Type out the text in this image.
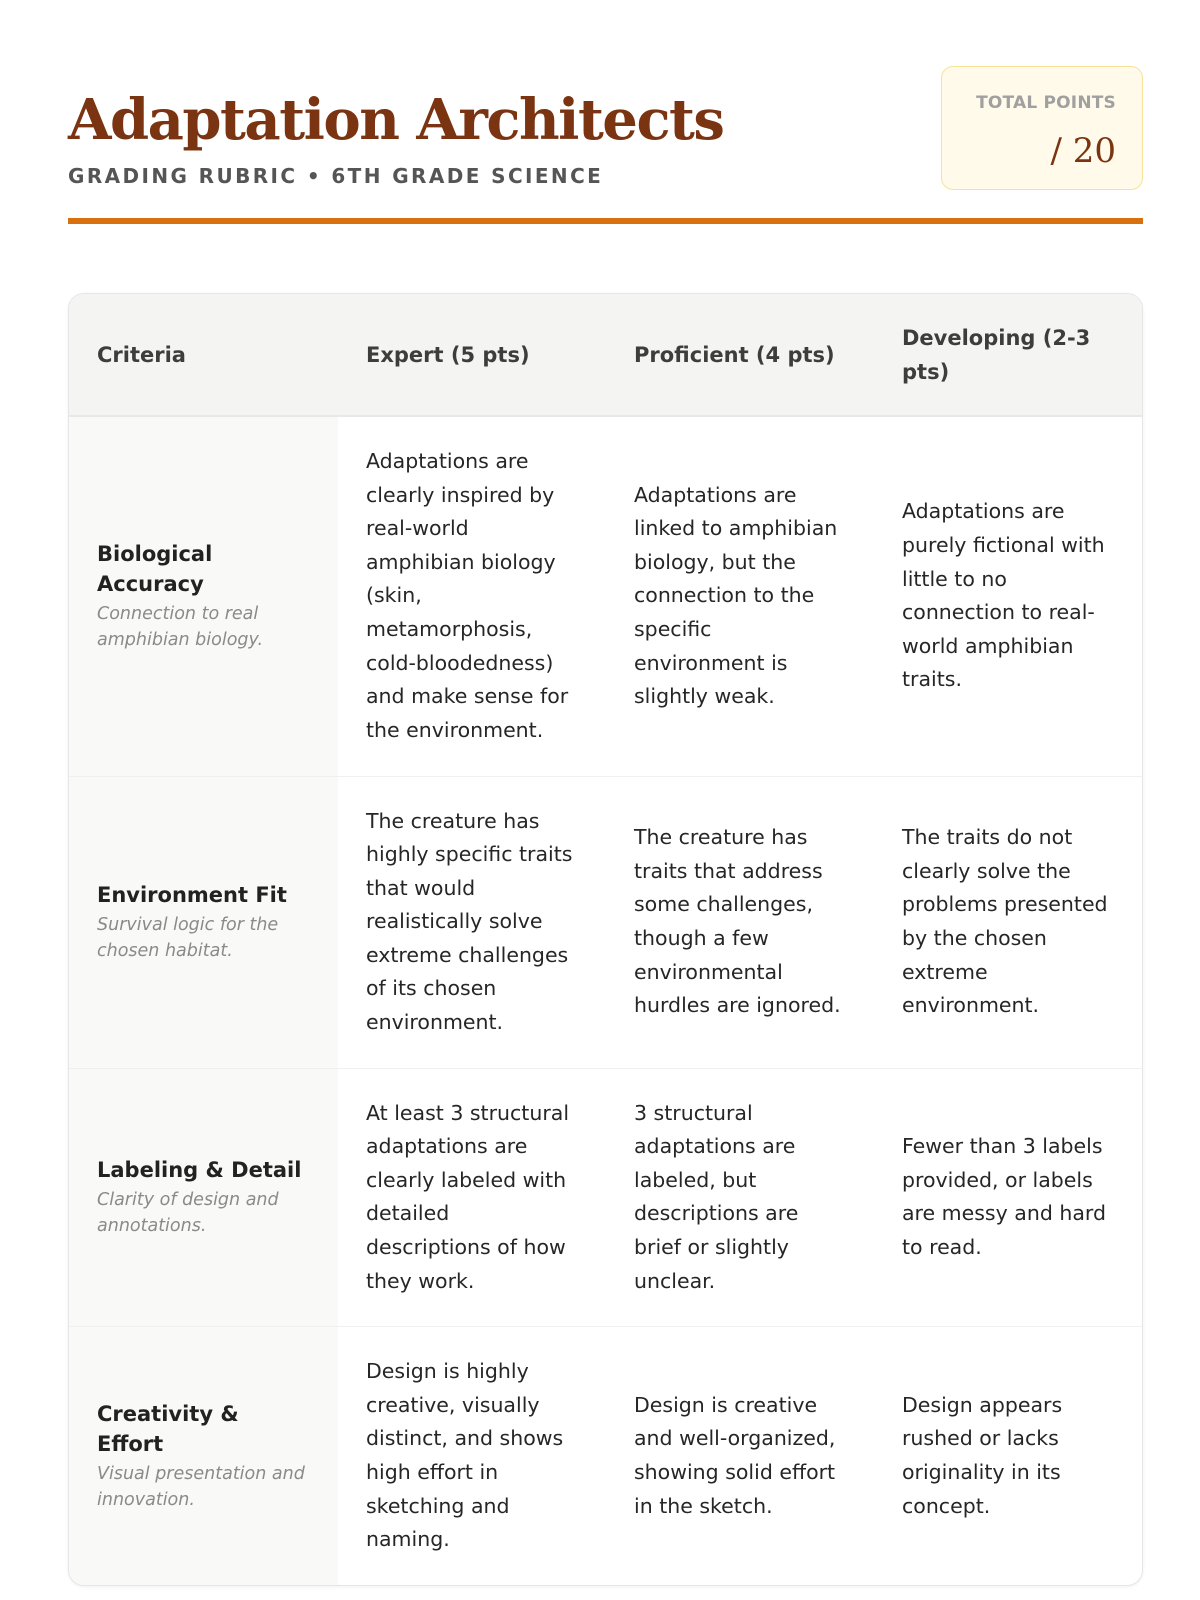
Adaptation Architects
GRADING RUBRIC • 6TH GRADE SCIENCE
TOTAL POINTS
/ 20
Criteria	Expert (5 pts)	Proficient (4 pts)	Developing (2-3 pts)

Biological Accuracy
Connection to real amphibian biology.	Adaptations are clearly inspired by real-world amphibian biology (skin, metamorphosis, cold-bloodedness) and make sense for the environment.	Adaptations are linked to amphibian biology, but the connection to the specific environment is slightly weak.	Adaptations are purely fictional with little to no connection to real-world amphibian traits.

Environment Fit
Survival logic for the chosen habitat.	The creature has highly specific traits that would realistically solve extreme challenges of its chosen environment.	The creature has traits that address some challenges, though a few environmental hurdles are ignored.	The traits do not clearly solve the problems presented by the chosen extreme environment.

Labeling & Detail
Clarity of design and annotations.	At least 3 structural adaptations are clearly labeled with detailed descriptions of how they work.	3 structural adaptations are labeled, but descriptions are brief or slightly unclear.	Fewer than 3 labels provided, or labels are messy and hard to read.

Creativity & Effort
Visual presentation and innovation.	Design is highly creative, visually distinct, and shows high effort in sketching and naming.	Design is creative and well-organized, showing solid effort in the sketch.	Design appears rushed or lacks originality in its concept.
